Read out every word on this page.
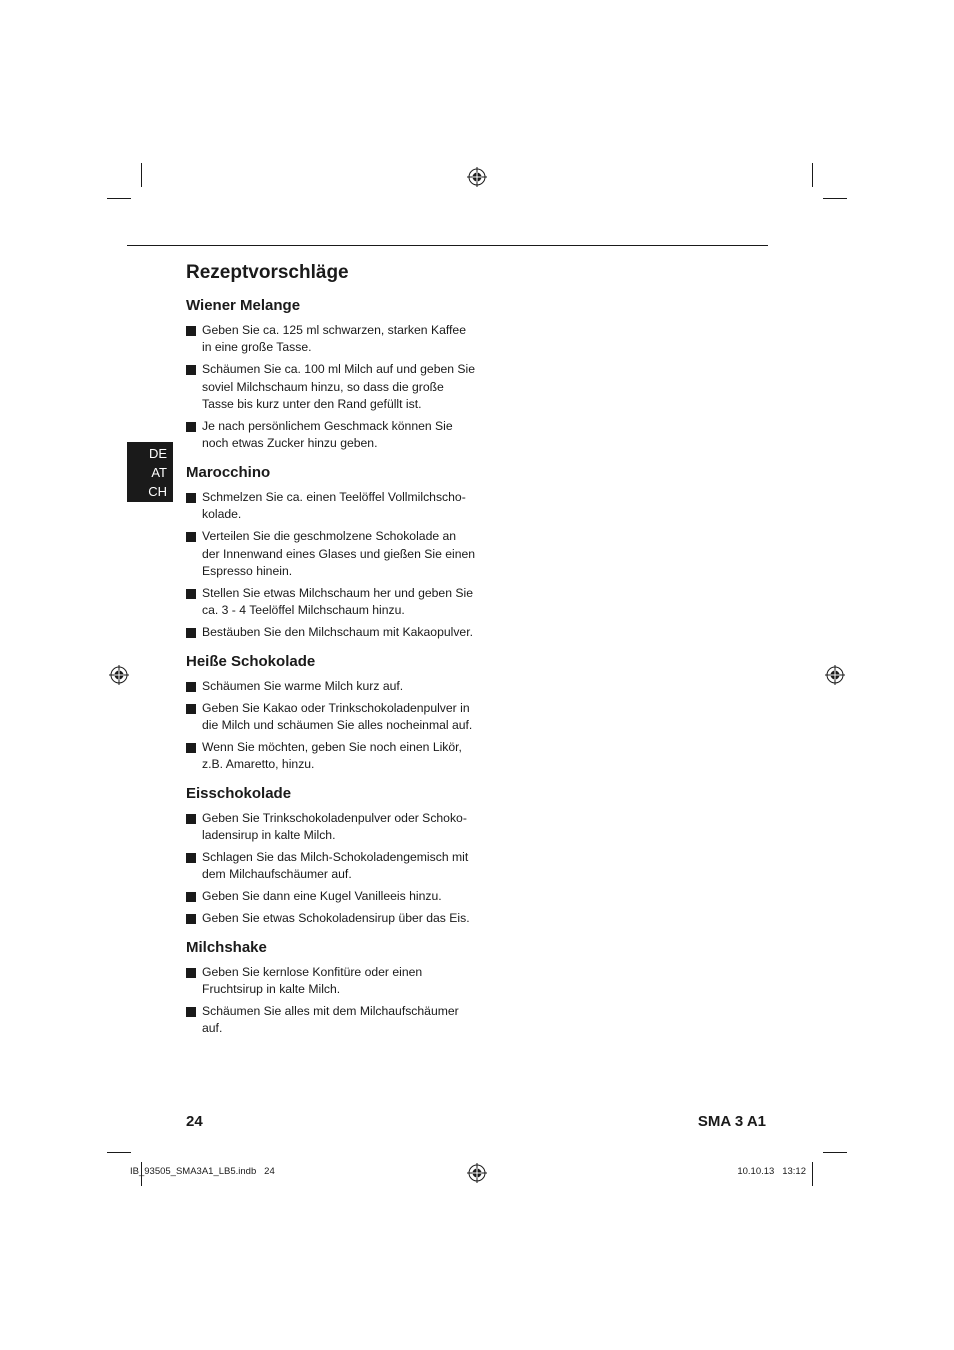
Rezeptvorschläge
DE
AT
CH
Wiener Melange
Geben Sie ca. 125 ml schwarzen, starken Kaffee in eine große Tasse.
Schäumen Sie ca. 100 ml Milch auf und geben Sie soviel Milchschaum hinzu, so dass die große Tasse bis kurz unter den Rand gefüllt ist.
Je nach persönlichem Geschmack können Sie noch etwas Zucker hinzu geben.
Marocchino
Schmelzen Sie ca. einen Teelöffel Vollmilchscho-kolade.
Verteilen Sie die geschmolzene Schokolade an der Innenwand eines Glases und gießen Sie einen Espresso hinein.
Stellen Sie etwas Milchschaum her und geben Sie ca. 3 - 4 Teelöffel Milchschaum hinzu.
Bestäuben Sie den Milchschaum mit Kakaopulver.
Heiße Schokolade
Schäumen Sie warme Milch kurz auf.
Geben Sie Kakao oder Trinkschokoladenpulver in die Milch und schäumen Sie alles nocheinmal auf.
Wenn Sie möchten, geben Sie noch einen Likör, z.B. Amaretto, hinzu.
Eisschokolade
Geben Sie Trinkschokoladenpulver oder Schoko-ladensirup in kalte Milch.
Schlagen Sie das Milch-Schokoladengemisch mit dem Milchaufschäumer auf.
Geben Sie dann eine Kugel Vanilleeis hinzu.
Geben Sie etwas Schokoladensirup über das Eis.
Milchshake
Geben Sie kernlose Konfitüre oder einen Fruchtsirup in kalte Milch.
Schäumen Sie alles mit dem Milchaufschäumer auf.
24	SMA 3 A1
IB_93505_SMA3A1_LB5.indb   24	10.10.13   13:12
